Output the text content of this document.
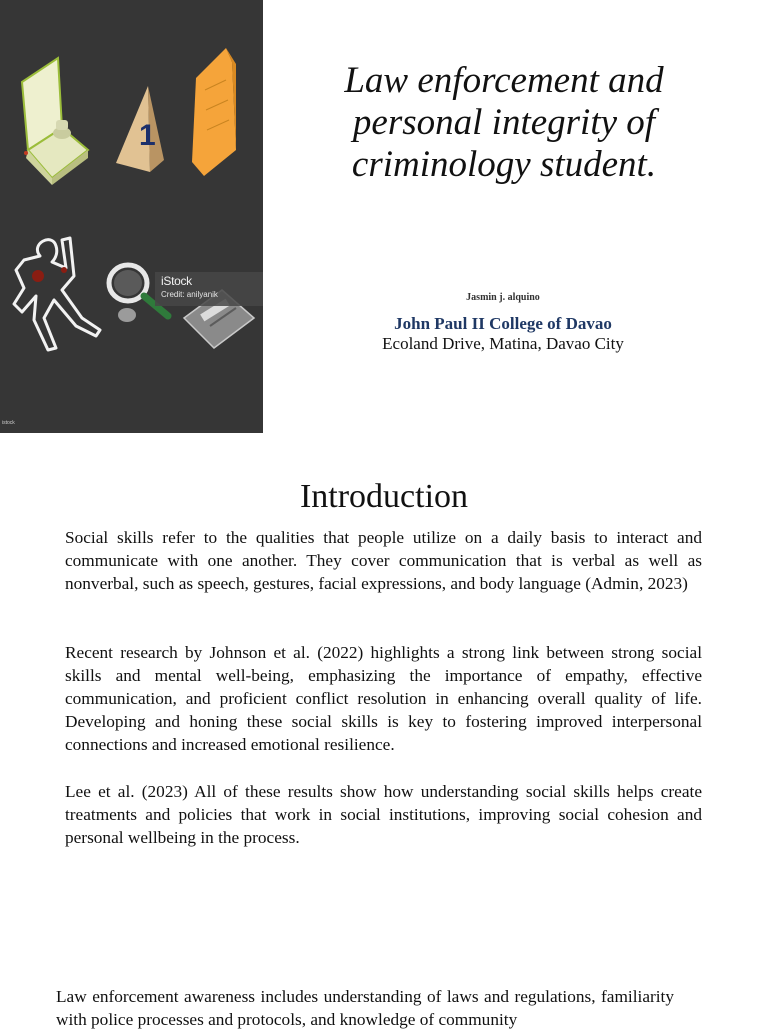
1
iStock
Credit: anilyanik
istock
Law enforcement and personal integrity of criminology student.
Jasmin j. alquino
John Paul II College of Davao
Ecoland Drive, Matina, Davao City
Introduction

Social skills refer to the qualities that people utilize on a daily basis to interact and communicate with one another. They cover communication that is verbal as well as nonverbal, such as speech, gestures, facial expressions, and body language (Admin, 2023)

Recent research by Johnson et al. (2022) highlights a strong link between strong social skills and mental well-being, emphasizing the importance of empathy, effective communication, and proficient conflict resolution in enhancing overall quality of life. Developing and honing these social skills is key to fostering improved interpersonal connections and increased emotional resilience.

Lee et al. (2023) All of these results show how understanding social skills helps create treatments and policies that work in social institutions, improving social cohesion and personal wellbeing in the process.

Law enforcement awareness includes understanding of laws and regulations, familiarity with police processes and protocols, and knowledge of community
